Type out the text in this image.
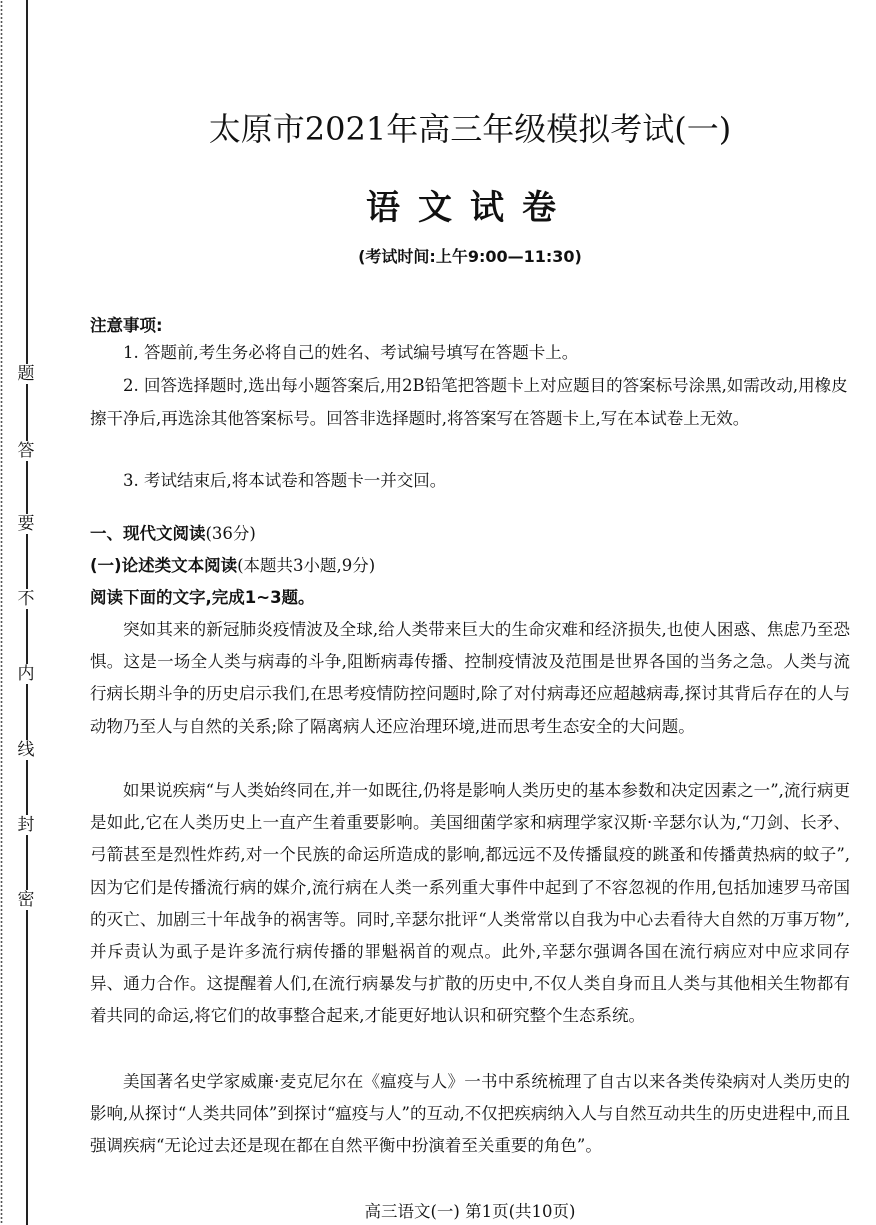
题
答
要
不
内
线
封
密
太原市2021年高三年级模拟考试(一)
语文试卷
(考试时间:上午9:00—11:30)
注意事项:
1. 答题前,考生务必将自己的姓名、考试编号填写在答题卡上。
2. 回答选择题时,选出每小题答案后,用2B铅笔把答题卡上对应题目的答案标号涂黑,如需改动,用橡皮擦干净后,再选涂其他答案标号。回答非选择题时,将答案写在答题卡上,写在本试卷上无效。
3. 考试结束后,将本试卷和答题卡一并交回。
一、现代文阅读(36分)
(一)论述类文本阅读(本题共3小题,9分)
阅读下面的文字,完成1~3题。
突如其来的新冠肺炎疫情波及全球,给人类带来巨大的生命灾难和经济损失,也使人困惑、焦虑乃至恐惧。这是一场全人类与病毒的斗争,阻断病毒传播、控制疫情波及范围是世界各国的当务之急。人类与流行病长期斗争的历史启示我们,在思考疫情防控问题时,除了对付病毒还应超越病毒,探讨其背后存在的人与动物乃至人与自然的关系;除了隔离病人还应治理环境,进而思考生态安全的大问题。
如果说疾病“与人类始终同在,并一如既往,仍将是影响人类历史的基本参数和决定因素之一”,流行病更是如此,它在人类历史上一直产生着重要影响。美国细菌学家和病理学家汉斯·辛瑟尔认为,“刀剑、长矛、弓箭甚至是烈性炸药,对一个民族的命运所造成的影响,都远远不及传播鼠疫的跳蚤和传播黄热病的蚊子”,因为它们是传播流行病的媒介,流行病在人类一系列重大事件中起到了不容忽视的作用,包括加速罗马帝国的灭亡、加剧三十年战争的祸害等。同时,辛瑟尔批评“人类常常以自我为中心去看待大自然的万事万物”,并斥责认为虱子是许多流行病传播的罪魁祸首的观点。此外,辛瑟尔强调各国在流行病应对中应求同存异、通力合作。这提醒着人们,在流行病暴发与扩散的历史中,不仅人类自身而且人类与其他相关生物都有着共同的命运,将它们的故事整合起来,才能更好地认识和研究整个生态系统。
美国著名史学家威廉·麦克尼尔在《瘟疫与人》一书中系统梳理了自古以来各类传染病对人类历史的影响,从探讨“人类共同体”到探讨“瘟疫与人”的互动,不仅把疾病纳入人与自然互动共生的历史进程中,而且强调疾病“无论过去还是现在都在自然平衡中扮演着至关重要的角色”。
高三语文(一) 第1页(共10页)
